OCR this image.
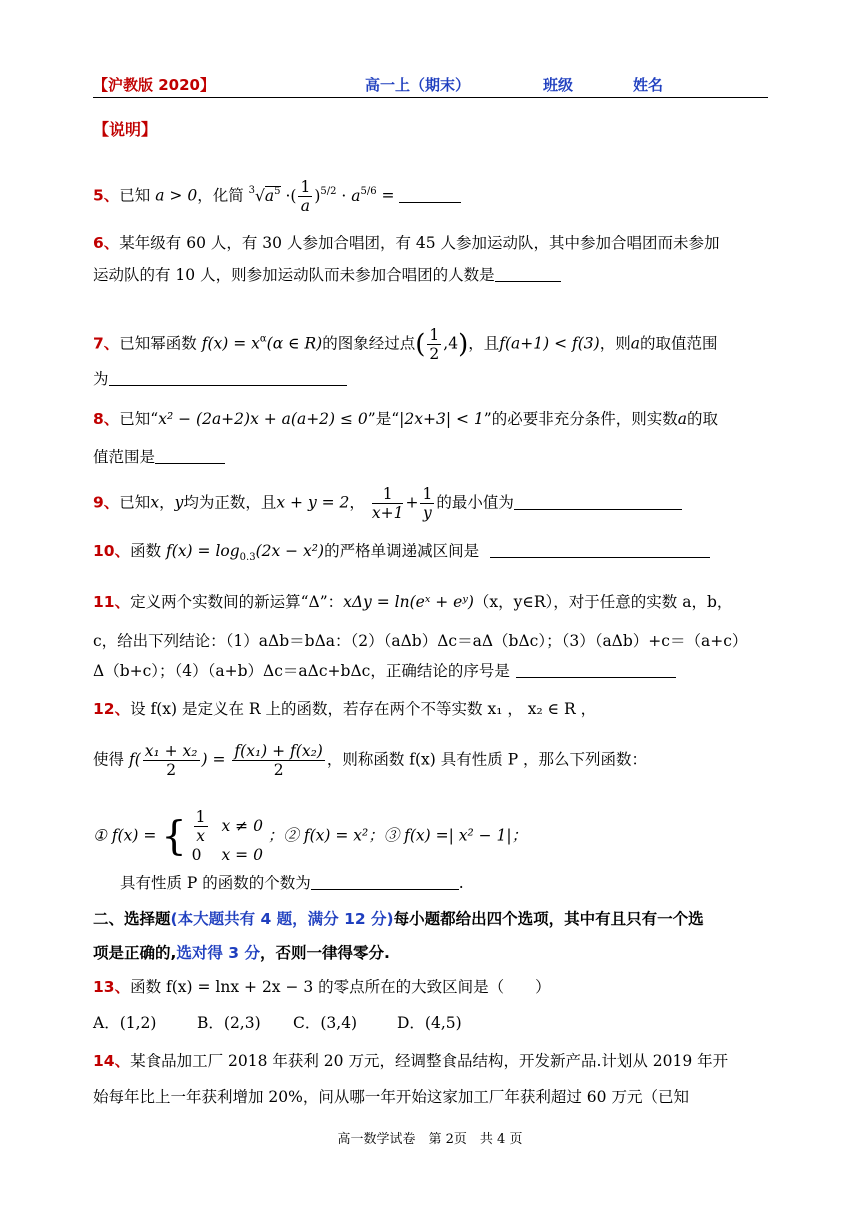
【沪教版 2020】	高一上（期末）	班级	姓名
【说明】
5、已知 a > 0，化简 $^3√a^5$ ·( $\frac{1}{a} )^{5/2} \cdot a^{5/6}$ =
6、某年级有 60 人，有 30 人参加合唱团，有 45 人参加运动队，其中参加合唱团而未参加
运动队的有 10 人，则参加运动队而未参加合唱团的人数是
7、已知幂函数 $f(x) = x^\alpha(\alpha$ ∈ R)的图象经过点( $\frac{1}{2} ,4$)，且f(a+1) < f(3)，则a的取值范围
为
8、已知“x² − (2a+2)x + a(a+2) ≤ 0”是“|2x+3| < 1”的必要非充分条件，则实数a的取
值范围是
9、已知x，y均为正数，且x + y = 2， $\frac{1}{x+1} + \frac{1}{y}$ 的最小值为
10、函数 $f(x) = \log_{0.3}(2x - x^2)$的严格单调递减区间是
11、定义两个实数间的新运算“Δ”：xΔy = ln(eˣ + eʸ)（x，y∈R），对于任意的实数 a，b，
c，给出下列结论：（1）aΔb＝bΔa：（2）（aΔb）Δc＝aΔ（bΔc）；（3）（aΔb）+c＝（a+c）
Δ（b+c）；（4）（a+b）Δc＝aΔc+bΔc，正确结论的序号是
12、设 f(x) 是定义在 R 上的函数，若存在两个不等实数 x₁ ， x₂ ∈ R ，
使得 $f( \frac{\text{x₁ + x₂}}{2}$ ) = $\frac{\text{f(x₁) + f(x₂)}}{2}$ ，则称函数 f(x) 具有性质 P ，那么下列函数：
① f(x) = { $\frac{1}{x}$ x ≠ 0
0 x = 0
；② f(x) = x²；③ f(x) =| x² − 1|；
具有性质 P 的函数的个数为	.
二、选择题(本大题共有 4 题，满分 12 分)每小题都给出四个选项，其中有且只有一个选
项是正确的,选对得 3 分，否则一律得零分.
13、函数 f(x) = lnx + 2x − 3 的零点所在的大致区间是（　　）
A．(1,2)	B．(2,3) C．(3,4)	D．(4,5)
14、某食品加工厂 2018 年获利 20 万元，经调整食品结构，开发新产品.计划从 2019 年开
始每年比上一年获利增加 20%，问从哪一年开始这家加工厂年获利超过 60 万元（已知
高一数学试卷　第 2页　共 4 页
